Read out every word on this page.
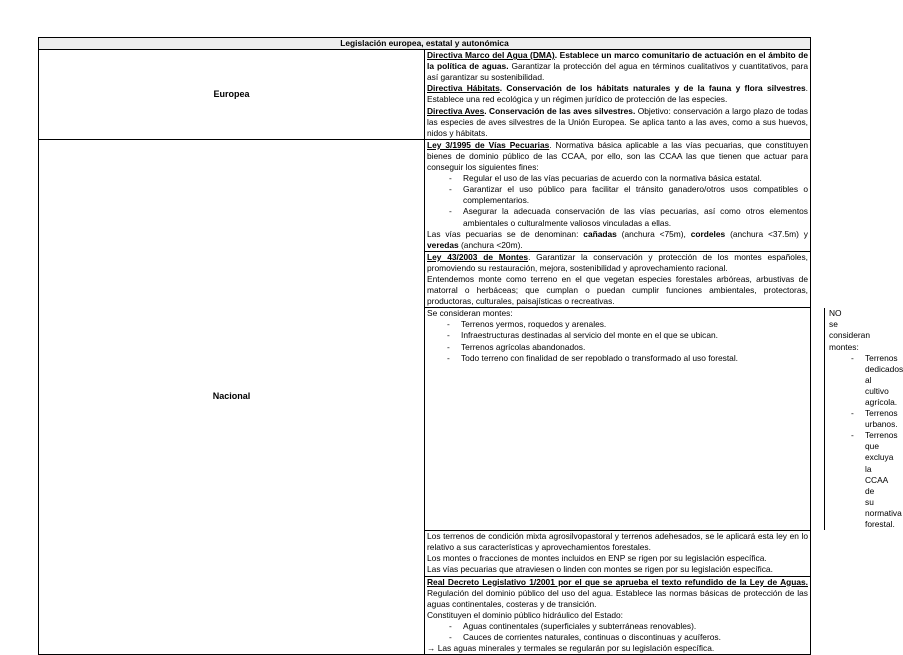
Legislación europea, estatal y autonómica
Europea	
Directiva Marco del Agua (DMA). Establece un marco comunitario de actuación en el ámbito de la política de aguas. Garantizar la protección del agua en términos cualitativos y cuantitativos, para así garantizar su sostenibilidad.
Directiva Hábitats. Conservación de los hábitats naturales y de la fauna y flora silvestres. Establece una red ecológica y un régimen jurídico de protección de las especies.
Directiva Aves. Conservación de las aves silvestres. Objetivo: conservación a largo plazo de todas las especies de aves silvestres de la Unión Europea. Se aplica tanto a las aves, como a sus huevos, nidos y hábitats.

Nacional	
Ley 3/1995 de Vías Pecuarias. Normativa básica aplicable a las vías pecuarias, que constituyen bienes de dominio público de las CCAA, por ello, son las CCAA las que tienen que actuar para conseguir los siguientes fines:
- Regular el uso de las vías pecuarias de acuerdo con la normativa básica estatal.
- Garantizar el uso público para facilitar el tránsito ganadero/otros usos compatibles o complementarios.
- Asegurar la adecuada conservación de las vías pecuarias, así como otros elementos ambientales o culturalmente valiosos vinculadas a ellas.
Las vías pecuarias se de denominan: cañadas (anchura <75m), cordeles (anchura <37.5m) y veredas (anchura <20m).

Ley 43/2003 de Montes. Garantizar la conservación y protección de los montes españoles, promoviendo su restauración, mejora, sostenibilidad y aprovechamiento racional.
Entendemos monte como terreno en el que vegetan especies forestales arbóreas, arbustivas de matorral o herbáceas; que cumplan o puedan cumplir funciones ambientales, protectoras, productoras, culturales, paisajísticas o recreativas.

Se consideran montes:
- Terrenos yermos, roquedos y arenales.
- Infraestructuras destinadas al servicio del monte en el que se ubican.
- Terrenos agrícolas abandonados.
- Todo terreno con finalidad de ser repoblado o transformado al uso forestal.

NO se consideran montes:
- Terrenos dedicados al cultivo agrícola.
- Terrenos urbanos.
- Terrenos que excluya la CCAA de su normativa forestal.

Los terrenos de condición mixta agrosilvopastoral y terrenos adehesados, se le aplicará esta ley en lo relativo a sus características y aprovechamientos forestales.
Los montes o fracciones de montes incluidos en ENP se rigen por su legislación específica.
Las vías pecuarias que atraviesen o linden con montes se rigen por su legislación específica.

Real Decreto Legislativo 1/2001 por el que se aprueba el texto refundido de la Ley de Aguas. Regulación del dominio público del uso del agua. Establece las normas básicas de protección de las aguas continentales, costeras y de transición.
Constituyen el dominio público hidráulico del Estado:
- Aguas continentales (superficiales y subterráneas renovables).
- Cauces de corrientes naturales, continuas o discontinuas y acuíferos.
→ Las aguas minerales y termales se regularán por su legislación específica.
